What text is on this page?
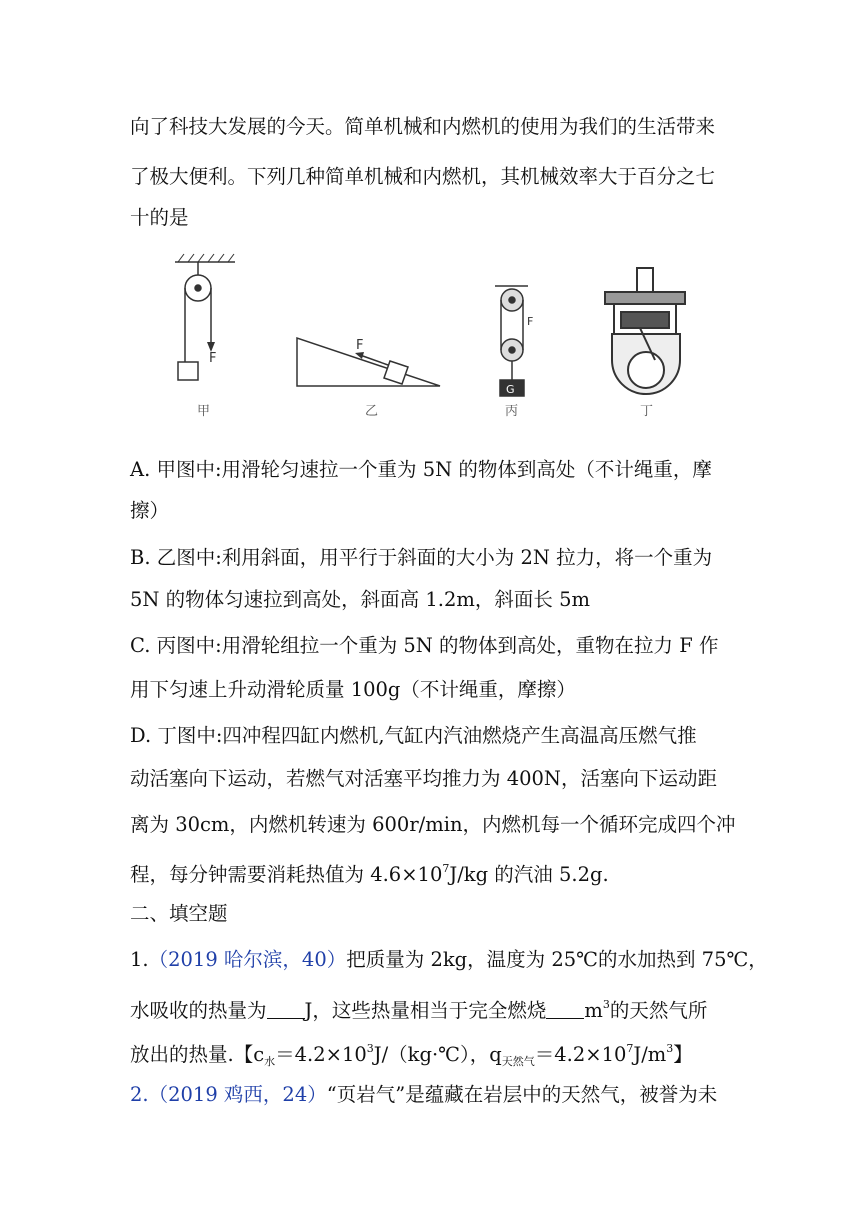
向了科技大发展的今天。简单机械和内燃机的使用为我们的生活带来
了极大便利。下列几种简单机械和内燃机，其机械效率大于百分之七
十的是
F
F
G
F
甲	乙	丙	丁
A. 甲图中:用滑轮匀速拉一个重为 5N 的物体到高处（不计绳重，摩
擦）
B. 乙图中:利用斜面，用平行于斜面的大小为 2N 拉力，将一个重为
5N 的物体匀速拉到高处，斜面高 1.2m，斜面长 5m
C. 丙图中:用滑轮组拉一个重为 5N 的物体到高处，重物在拉力 F 作
用下匀速上升动滑轮质量 100g（不计绳重，摩擦）
D. 丁图中:四冲程四缸内燃机,气缸内汽油燃烧产生高温高压燃气推
动活塞向下运动，若燃气对活塞平均推力为 400N，活塞向下运动距
离为 30cm，内燃机转速为 600r/min，内燃机每一个循环完成四个冲
程，每分钟需要消耗热值为 $4.6\times 10^7J/kg$ 的汽油 5.2g.
二、填空题
1.（2019 哈尔滨，40）把质量为 2kg，温度为 25℃的水加热到 75℃，
水吸收的热量为 J，这些热量相当于完全燃烧 $m^3$的天然气所
放出的热量.【$c_水=4.2\times 10^3J/(kg\cdot℃)$，$q_{天然气}=4.2\times 10^7J/m^3$】
2.（2019 鸡西，24）“页岩气”是蕴藏在岩层中的天然气，被誉为未
